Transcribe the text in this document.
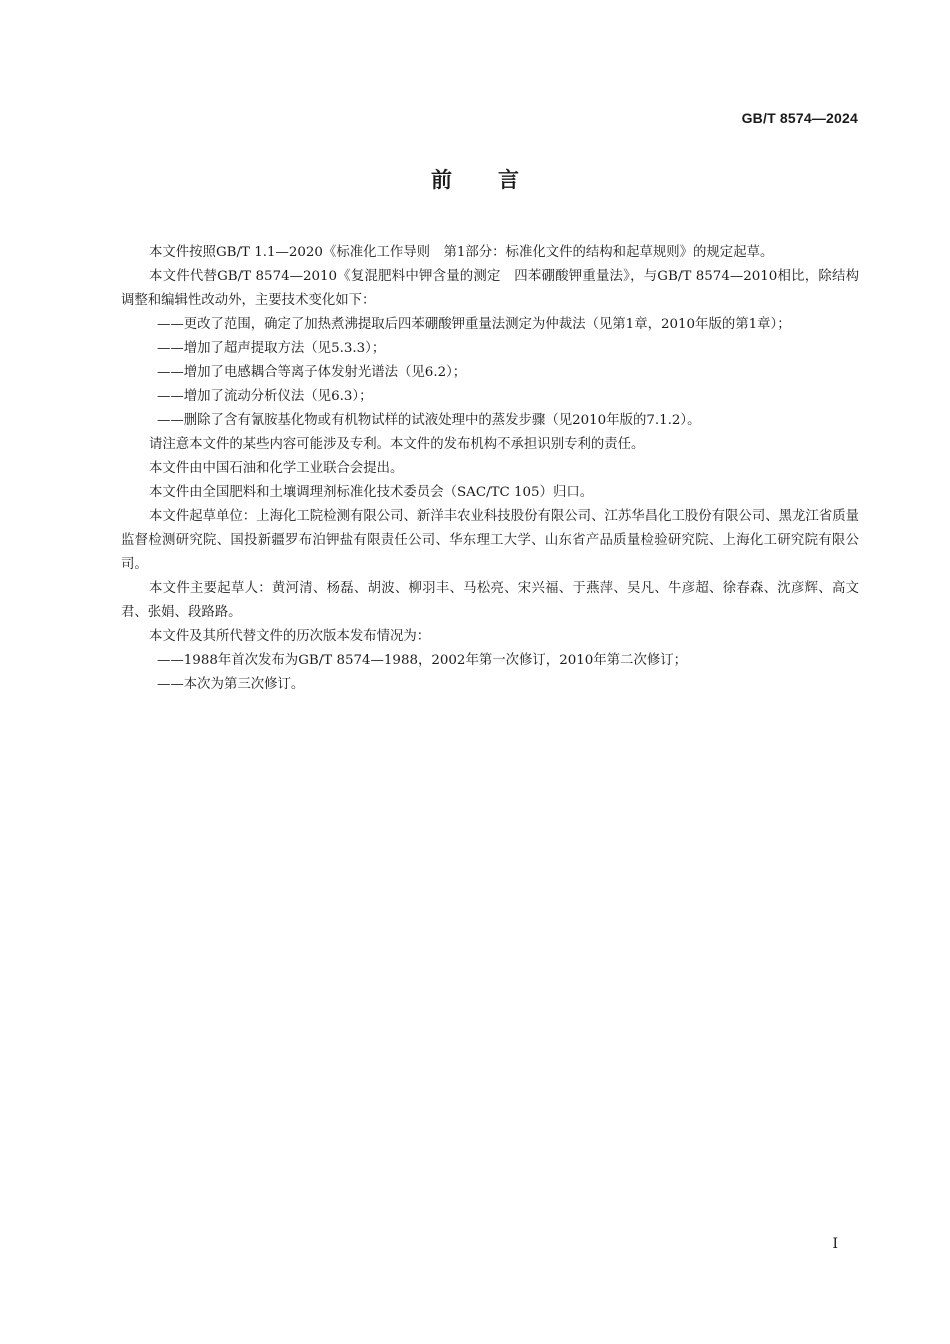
GB/T 8574—2024
前言

本文件按照GB/T 1.1—2020《标准化工作导则　第1部分：标准化文件的结构和起草规则》的规定起草。

本文件代替GB/T 8574—2010《复混肥料中钾含量的测定　四苯硼酸钾重量法》，与GB/T 8574—2010相比，除结构调整和编辑性改动外，主要技术变化如下：

——更改了范围，确定了加热煮沸提取后四苯硼酸钾重量法测定为仲裁法（见第1章，2010年版的第1章）；

——增加了超声提取方法（见5.3.3）；

——增加了电感耦合等离子体发射光谱法（见6.2）；

——增加了流动分析仪法（见6.3）；

——删除了含有氰胺基化物或有机物试样的试液处理中的蒸发步骤（见2010年版的7.1.2）。

请注意本文件的某些内容可能涉及专利。本文件的发布机构不承担识别专利的责任。

本文件由中国石油和化学工业联合会提出。

本文件由全国肥料和土壤调理剂标准化技术委员会（SAC/TC 105）归口。

本文件起草单位：上海化工院检测有限公司、新洋丰农业科技股份有限公司、江苏华昌化工股份有限公司、黑龙江省质量监督检测研究院、国投新疆罗布泊钾盐有限责任公司、华东理工大学、山东省产品质量检验研究院、上海化工研究院有限公司。

本文件主要起草人：黄河清、杨磊、胡波、柳羽丰、马松亮、宋兴福、于燕萍、吴凡、牛彦超、徐春森、沈彦辉、高文君、张娟、段路路。

本文件及其所代替文件的历次版本发布情况为：

——1988年首次发布为GB/T 8574—1988，2002年第一次修订，2010年第二次修订；

——本次为第三次修订。

I
